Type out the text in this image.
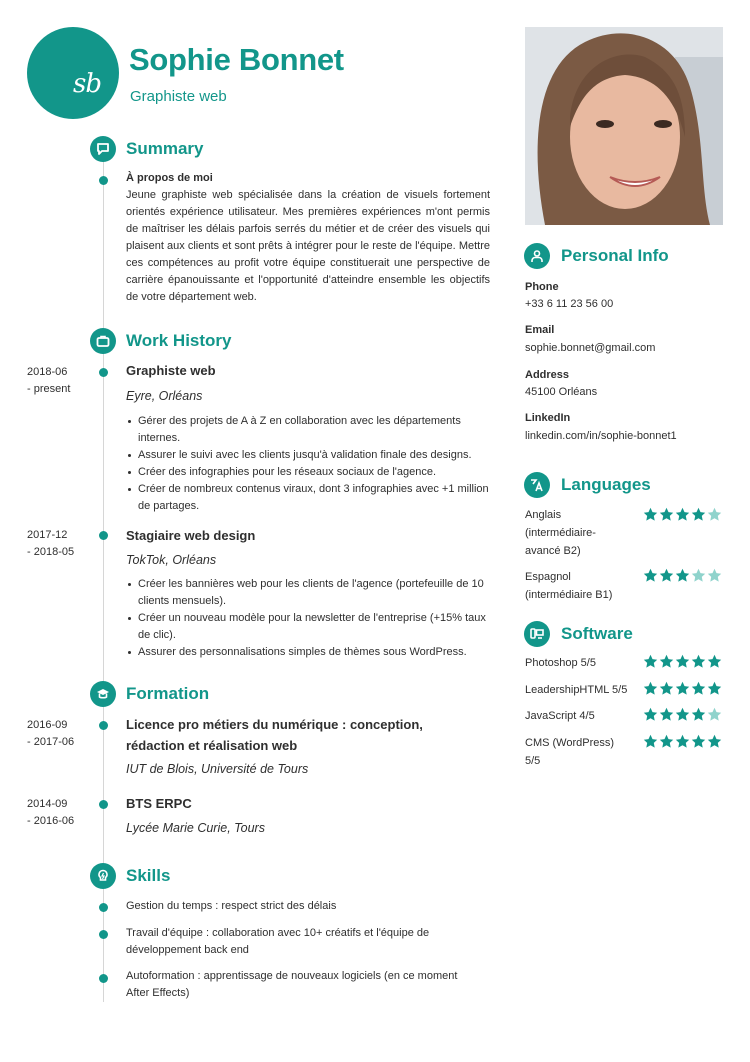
sb
Sophie Bonnet
Graphiste web
Summary
À propos de moi
Jeune graphiste web spécialisée dans la création de visuels fortement orientés expérience utilisateur. Mes premières expériences m'ont permis de maîtriser les délais parfois serrés du métier et de créer des visuels qui plaisent aux clients et sont prêts à intégrer pour le reste de l'équipe. Mettre ces compétences au profit votre équipe constituerait une perspective de carrière épanouissante et l'opportunité d'atteindre ensemble les objectifs de votre département web.
Work History
2018-06
- present
Graphiste web
Eyre, Orléans
Gérer des projets de A à Z en collaboration avec les départements internes.
Assurer le suivi avec les clients jusqu'à validation finale des designs.
Créer des infographies pour les réseaux sociaux de l'agence.
Créer de nombreux contenus viraux, dont 3 infographies avec +1 million de partages.
2017-12
- 2018-05
Stagiaire web design
TokTok, Orléans
Créer les bannières web pour les clients de l'agence (portefeuille de 10 clients mensuels).
Créer un nouveau modèle pour la newsletter de l'entreprise (+15% taux de clic).
Assurer des personnalisations simples de thèmes sous WordPress.
Formation
2016-09
- 2017-06
Licence pro métiers du numérique : conception,
rédaction et réalisation web
IUT de Blois, Université de Tours
2014-09
- 2016-06
BTS ERPC
Lycée Marie Curie, Tours
Skills
Gestion du temps : respect strict des délais
Travail d'équipe : collaboration avec 10+ créatifs et l'équipe de développement back end
Autoformation : apprentissage de nouveaux logiciels (en ce moment After Effects)
Personal Info
Phone
+33 6 11 23 56 00
Email
sophie.bonnet@gmail.com
Address
45100 Orléans
LinkedIn
linkedin.com/in/sophie-bonnet1
Languages
Anglais
(intermédiaire-
avancé B2)
Espagnol
(intermédiaire B1)
Software
Photoshop 5/5
LeadershipHTML 5/5
JavaScript 4/5
CMS (WordPress)
5/5
